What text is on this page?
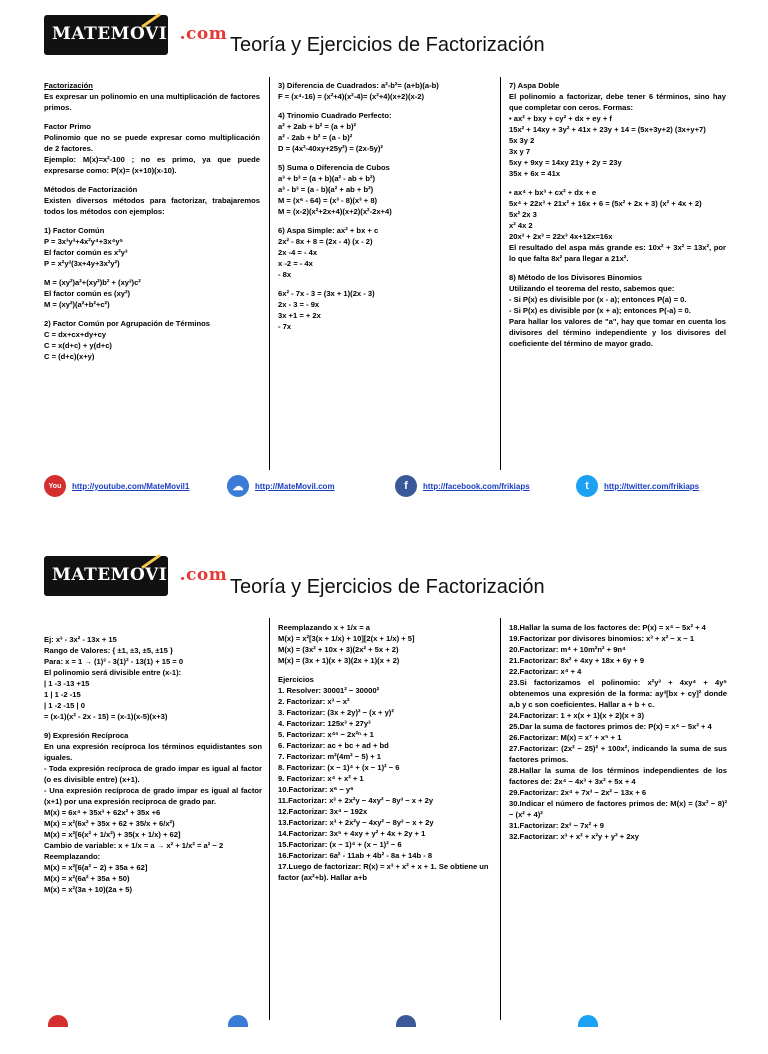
MATEMOVIL.com Teoría y Ejercicios de Factorización

Factorización

Es expresar un polinomio en una multiplicación de factores primos.

Factor Primo

Polinomio que no se puede expresar como multiplicación de 2 factores.

Ejemplo: M(x)=x²-100 ; no es primo, ya que puede expresarse como: P(x)= (x+10)(x-10).

Métodos de Factorización

Existen diversos métodos para factorizar, trabajaremos todos los métodos con ejemplos:

1) Factor Común

P = 3x³y³+4x²y⁴+3x⁴y⁵

El factor común es x²y³

P = x²y³(3x+4y+3x²y²)

M = (xy²)a²+(xy²)b² + (xy³)c²

El factor común es (xy²)

M = (xy²)(a²+b²+c²)

2) Factor Común por Agrupación de Términos

C = dx+cx+dy+cy

C = x(d+c) + y(d+c)

C = (d+c)(x+y)

3) Diferencia de Cuadrados: a²-b²= (a+b)(a-b)

F = (x⁴-16) = (x²+4)(x²-4)= (x²+4)(x+2)(x-2)

4) Trinomio Cuadrado Perfecto:

a² + 2ab + b² = (a + b)²

a² - 2ab + b² = (a - b)²

D = (4x²-40xy+25y²) = (2x-5y)²

5) Suma o Diferencia de Cubos

a³ + b³ = (a + b)(a² - ab + b²)

a³ - b³ = (a - b)(a² + ab + b²)

M = (x⁶ - 64) = (x³ - 8)(x³ + 8)

M = (x-2)(x²+2x+4)(x+2)(x²-2x+4)

6) Aspa Simple: ax² + bx + c

2x² - 8x + 8 = (2x - 4) (x - 2)

2x -4 = - 4x

x -2 = - 4x

- 8x

6x² - 7x - 3 = (3x + 1)(2x - 3)

2x - 3 = - 9x

3x +1 = + 2x

- 7x

7) Aspa Doble

El polinomio a factorizar, debe tener 6 términos, sino hay que completar con ceros. Formas:

• ax² + bxy + cy² + dx + ey + f

15x² + 14xy + 3y² + 41x + 23y + 14 = (5x+3y+2) (3x+y+7)

5x 3y 2

3x y 7

5xy + 9xy = 14xy 21y + 2y = 23y

35x + 6x = 41x

• ax⁴ + bx³ + cx² + dx + e

5x⁴ + 22x³ + 21x² + 16x + 6 = (5x² + 2x + 3) (x² + 4x + 2)

5x² 2x 3

x² 4x 2

20x³ + 2x³ = 22x³ 4x+12x=16x

El resultado del aspa más grande es: 10x² + 3x² = 13x², por lo que falta 8x² para llegar a 21x².

8) Método de los Divisores Binomios

Utilizando el teorema del resto, sabemos que:

- Si P(x) es divisible por (x - a); entonces P(a) = 0.

- Si P(x) es divisible por (x + a); entonces P(-a) = 0.

Para hallar los valores de "a", hay que tomar en cuenta los divisores del término independiente y los divisores del coeficiente del término de mayor grado.

You	http://youtube.com/MateMovil1	☁	http://MateMovil.com	f	http://facebook.com/frikiaps	t	http://twitter.com/frikiaps
MATEMOVIL.com
Teoría y Ejercicios de Factorización

Ej: x³ - 3x² - 13x + 15

Rango de Valores: { ±1, ±3, ±5, ±15 }

Para: x = 1 → (1)³ - 3(1)² - 13(1) + 15 = 0

El polinomio será divisible entre (x-1):

| 1 -3 -13 +15

1 | 1 -2 -15

| 1 -2 -15 | 0

= (x-1)(x² - 2x - 15) = (x-1)(x-5)(x+3)

9) Expresión Recíproca

En una expresión recíproca los términos equidistantes son iguales.

- Toda expresión recíproca de grado impar es igual al factor (o es divisible entre) (x+1).

- Una expresión recíproca de grado impar es igual al factor (x+1) por una expresión recíproca de grado par.

M(x) = 6x⁴ + 35x³ + 62x² + 35x +6

M(x) = x²(6x² + 35x + 62 + 35/x + 6/x²)

M(x) = x²[6(x² + 1/x²) + 35(x + 1/x) + 62]

Cambio de variable: x + 1/x = a → x² + 1/x² = a² − 2

Reemplazando:

M(x) = x²[6(a² − 2) + 35a + 62]

M(x) = x²(6a² + 35a + 50)

M(x) = x²(3a + 10)(2a + 5)

Reemplazando x + 1/x = a

M(x) = x²[3(x + 1/x) + 10][2(x + 1/x) + 5]

M(x) = (3x² + 10x + 3)(2x² + 5x + 2)

M(x) = (3x + 1)(x + 3)(2x + 1)(x + 2)

Ejercicios

1. Resolver: 30001² − 30000²

2. Factorizar: x³ − x²

3. Factorizar: (3x + 2y)² − (x + y)²

4. Factorizar: 125x³ + 27y³

5. Factorizar: x⁴ⁿ − 2x²ⁿ + 1

6. Factorizar: ac + bc + ad + bd

7. Factorizar: m²(4m² − 5) + 1

8. Factorizar: (x − 1)⁴ + (x − 1)² − 6

9. Factorizar: x⁴ + x² + 1

10.Factorizar: x⁶ − y⁶

11.Factorizar: x³ + 2x²y − 4xy² − 8y³ − x + 2y

12.Factorizar: 3x⁴ − 192x

13.Factorizar: x³ + 2x²y − 4xy² − 8y³ − x + 2y

14.Factorizar: 3x⁵ + 4xy + y² + 4x + 2y + 1

15.Factorizar: (x − 1)⁴ + (x − 1)² − 6

16.Factorizar: 6a² - 11ab + 4b² - 8a + 14b - 8

17.Luego de factorizar: R(x) = x³ + x² + x + 1. Se obtiene un factor (ax²+b). Hallar a+b

18.Hallar la suma de los factores de: P(x) = x⁴ − 5x² + 4

19.Factorizar por divisores binomios: x³ + x² − x − 1

20.Factorizar: m⁴ + 10m²n² + 9n⁴

21.Factorizar: 8x² + 4xy + 18x + 6y + 9

22.Factorizar: x⁴ + 4

23.Si factorizamos el polinomio: x²y³ + 4xy⁴ + 4y⁵ obtenemos una expresión de la forma: ay³[bx + cy]² donde a,b y c son coeficientes. Hallar a + b + c.

24.Factorizar: 1 + x(x + 1)(x + 2)(x + 3)

25.Dar la suma de factores primos de: P(x) = x⁴ − 5x² + 4

26.Factorizar: M(x) = x⁷ + x⁵ + 1

27.Factorizar: (2x² − 25)² + 100x², indicando la suma de sus factores primos.

28.Hallar la suma de los términos independientes de los factores de: 2x⁴ − 4x³ + 3x² + 5x + 4

29.Factorizar: 2x⁴ + 7x³ − 2x² − 13x + 6

30.Indicar el número de factores primos de: M(x) = (3x² − 8)² − (x² + 4)²

31.Factorizar: 2x³ − 7x² + 9

32.Factorizar: x³ + x² + x²y + y² + 2xy
